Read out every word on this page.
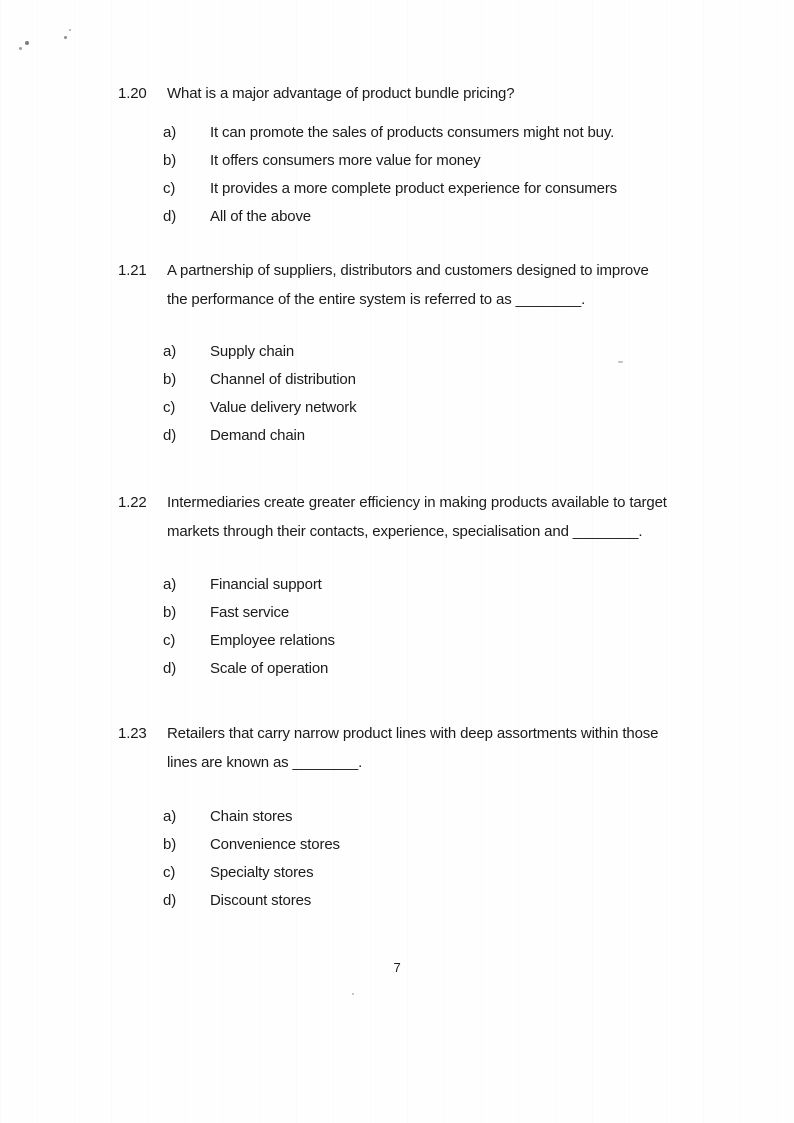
1.20	What is a major advantage of product bundle pricing?
a)	It can promote the sales of products consumers might not buy.
b)	It offers consumers more value for money
c)	It provides a more complete product experience for consumers
d)	All of the above
1.21	A partnership of suppliers, distributors and customers designed to improve
the performance of the entire system is referred to as ________.
a)	Supply chain
b)	Channel of distribution
c)	Value delivery network
d)	Demand chain
1.22	Intermediaries create greater efficiency in making products available to target
markets through their contacts, experience, specialisation and ________.
a)	Financial support
b)	Fast service
c)	Employee relations
d)	Scale of operation
1.23	Retailers that carry narrow product lines with deep assortments within those
lines are known as ________.
a)	Chain stores
b)	Convenience stores
c)	Specialty stores
d)	Discount stores
7
